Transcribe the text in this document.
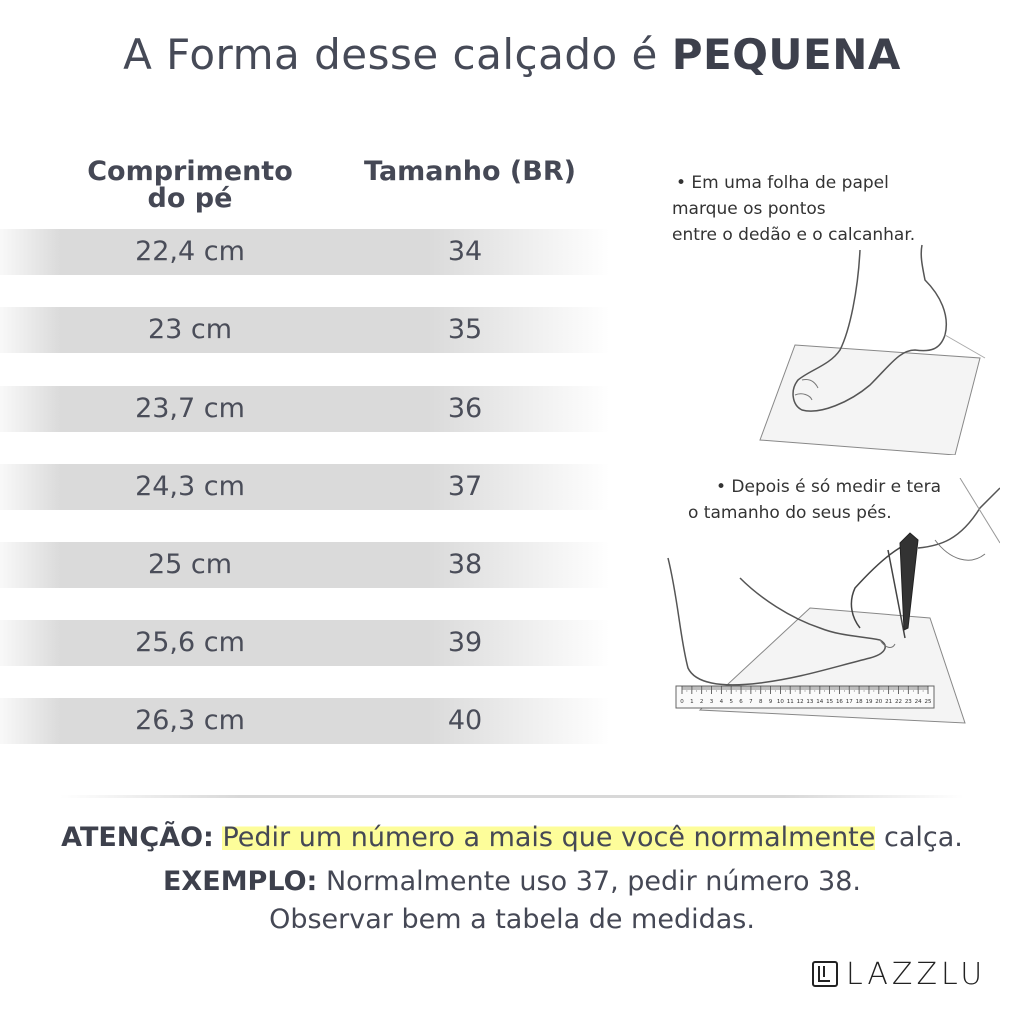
A Forma desse calçado é PEQUENA
Comprimento
do pé
Tamanho (BR)
22,4 cm	34
23 cm	35
23,7 cm	36
24,3 cm	37
25 cm	38
25,6 cm	39
26,3 cm	40
• Em uma folha de papel
marque os pontos
entre o dedão e o calcanhar.
• Depois é só medir e tera
o tamanho do seus pés.
0 1 2 3 4 5 6 7 8 9 10 11 12 13 14 15 16 17 18 19 20 21 22 23 24 25
ATENÇÃO: Pedir um número a mais que você normalmente calça.
EXEMPLO: Normalmente uso 37, pedir número 38.
Observar bem a tabela de medidas.
LAZZLU
